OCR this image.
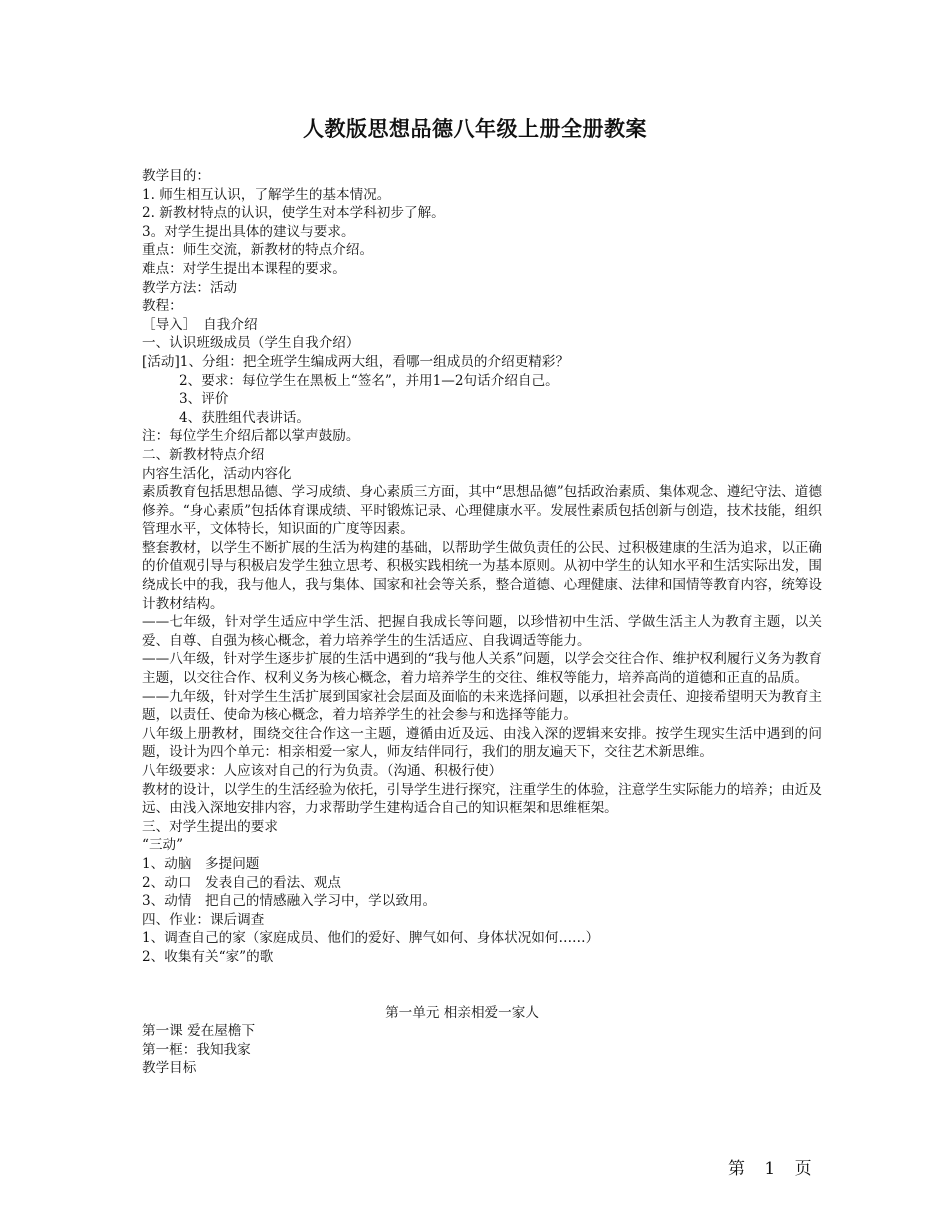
人教版思想品德八年级上册全册教案
教学目的：
1. 师生相互认识，了解学生的基本情况。
2. 新教材特点的认识，使学生对本学科初步了解。
3。对学生提出具体的建议与要求。
重点：师生交流，新教材的特点介绍。
难点：对学生提出本课程的要求。
教学方法：活动
教程：
［导入］　自我介绍
一、认识班级成员（学生自我介绍）
[活动]1、分组：把全班学生编成两大组，看哪一组成员的介绍更精彩？
2、要求：每位学生在黑板上“签名”，并用1—2句话介绍自己。
3、评价
4、获胜组代表讲话。
注：每位学生介绍后都以掌声鼓励。
二、新教材特点介绍
内容生活化，活动内容化
素质教育包括思想品德、学习成绩、身心素质三方面，其中“思想品德”包括政治素质、集体观念、遵纪守法、道德修养。“身心素质”包括体育课成绩、平时锻炼记录、心理健康水平。发展性素质包括创新与创造，技术技能，组织管理水平，文体特长，知识面的广度等因素。
整套教材，以学生不断扩展的生活为构建的基础，以帮助学生做负责任的公民、过积极建康的生活为追求，以正确的价值观引导与积极启发学生独立思考、积极实践相统一为基本原则。从初中学生的认知水平和生活实际出发，围绕成长中的我，我与他人，我与集体、国家和社会等关系，整合道德、心理健康、法律和国情等教育内容，统筹设计教材结构。
——七年级，针对学生适应中学生活、把握自我成长等问题，以珍惜初中生活、学做生活主人为教育主题，以关爱、自尊、自强为核心概念，着力培养学生的生活适应、自我调适等能力。
——八年级，针对学生逐步扩展的生活中遇到的“我与他人关系”问题，以学会交往合作、维护权利履行义务为教育主题，以交往合作、权利义务为核心概念，着力培养学生的交往、维权等能力，培养高尚的道德和正直的品质。
——九年级，针对学生生活扩展到国家社会层面及面临的未来选择问题，以承担社会责任、迎接希望明天为教育主题，以责任、使命为核心概念，着力培养学生的社会参与和选择等能力。
八年级上册教材，围绕交往合作这一主题，遵循由近及远、由浅入深的逻辑来安排。按学生现实生活中遇到的问题，设计为四个单元：相亲相爱一家人，师友结伴同行，我们的朋友遍天下，交往艺术新思维。
八年级要求：人应该对自己的行为负责。（沟通、积极行使）
教材的设计，以学生的生活经验为依托，引导学生进行探究，注重学生的体验，注意学生实际能力的培养；由近及远、由浅入深地安排内容，力求帮助学生建构适合自己的知识框架和思维框架。
三、对学生提出的要求
“三动”
1、动脑　多提问题
2、动口　发表自己的看法、观点
3、动情　把自己的情感融入学习中，学以致用。
四、作业：课后调查
1、调查自己的家（家庭成员、他们的爱好、脾气如何、身体状况如何……）
2、收集有关“家”的歌
第一单元 相亲相爱一家人
第一课 爱在屋檐下
第一框：我知我家
教学目标
第 1 页
